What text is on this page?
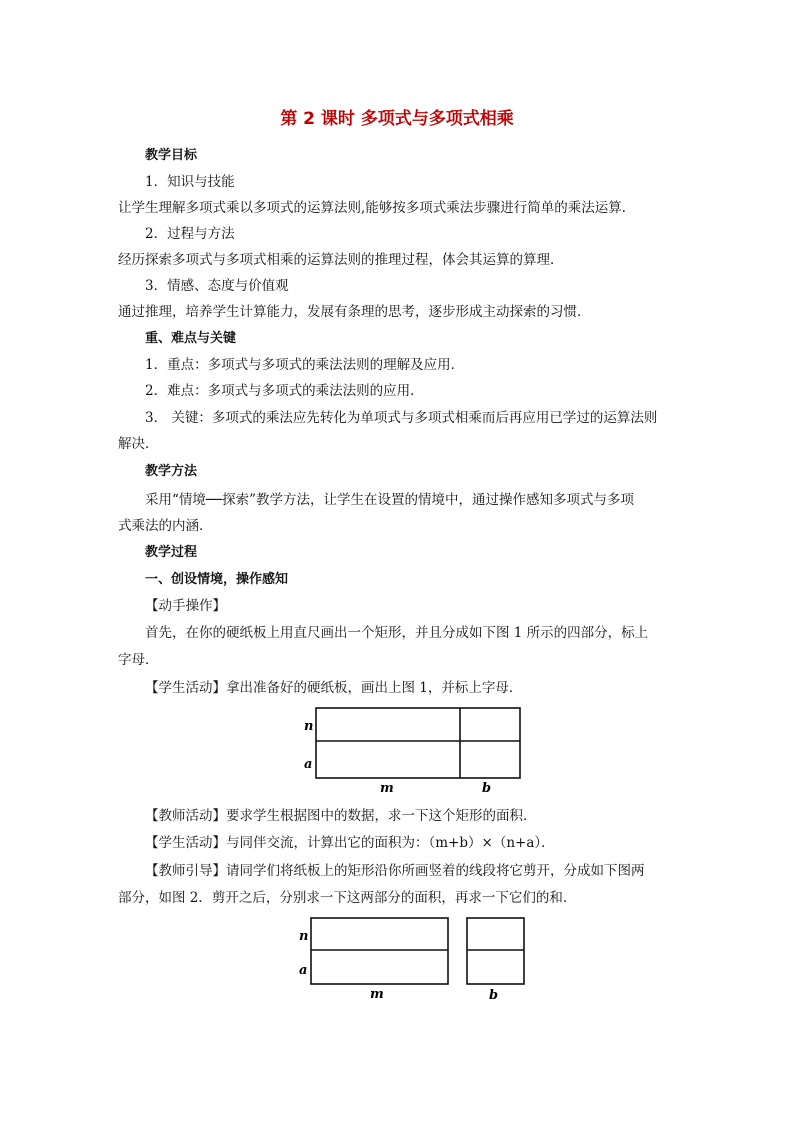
第 2 课时 多项式与多项式相乘
教学目标
1．知识与技能
让学生理解多项式乘以多项式的运算法则,能够按多项式乘法步骤进行简单的乘法运算．
2．过程与方法
经历探索多项式与多项式相乘的运算法则的推理过程，体会其运算的算理．
3．情感、态度与价值观
通过推理，培养学生计算能力，发展有条理的思考，逐步形成主动探索的习惯．
重、难点与关键
1．重点：多项式与多项式的乘法法则的理解及应用．
2．难点：多项式与多项式的乘法法则的应用．
3． 关键：多项式的乘法应先转化为单项式与多项式相乘而后再应用已学过的运算法则
解决．
教学方法
采用“情境──探索”教学方法，让学生在设置的情境中，通过操作感知多项式与多项
式乘法的内涵．
教学过程
一、创设情境，操作感知
【动手操作】
首先，在你的硬纸板上用直尺画出一个矩形，并且分成如下图 1 所示的四部分，标上
字母．
【学生活动】拿出准备好的硬纸板，画出上图 1，并标上字母．
n
a
m	b
【教师活动】要求学生根据图中的数据，求一下这个矩形的面积．
【学生活动】与同伴交流，计算出它的面积为：（m+b）×（n+a）．
【教师引导】请同学们将纸板上的矩形沿你所画竖着的线段将它剪开，分成如下图两
部分，如图 2．剪开之后，分别求一下这两部分的面积，再求一下它们的和．
n
a
m	b
